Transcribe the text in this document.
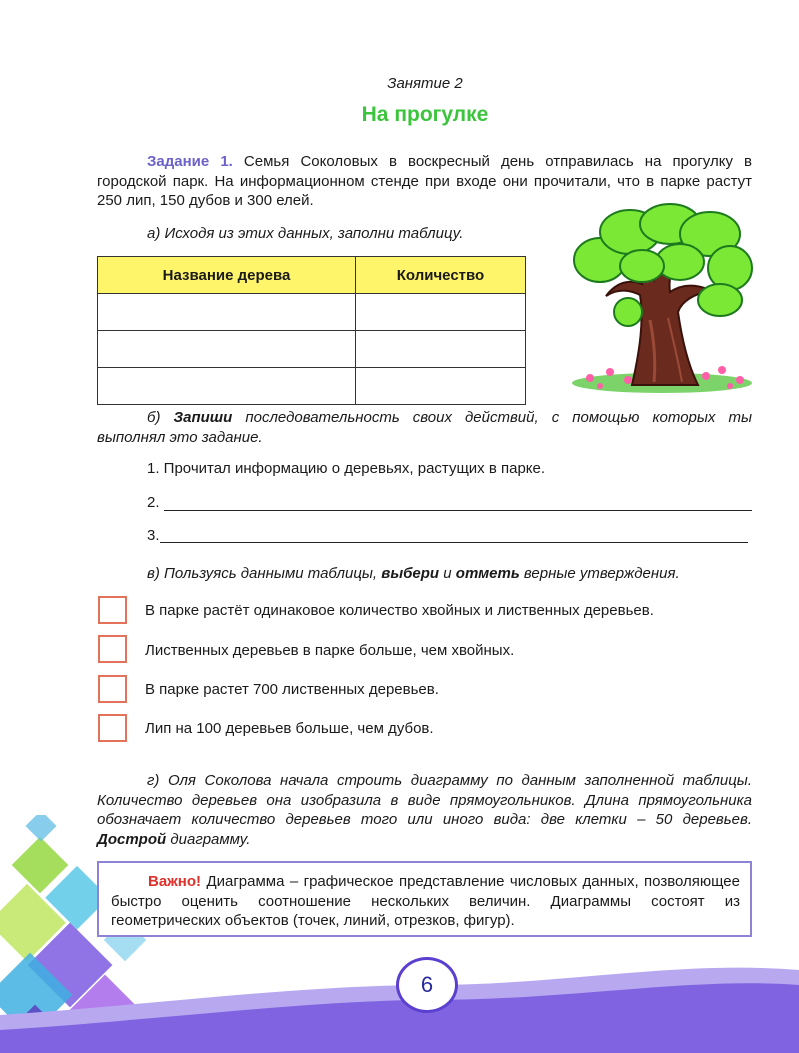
Занятие 2
На прогулке
Задание 1. Семья Соколовых в воскресный день отправилась на прогулку в городской парк. На информационном стенде при входе они прочитали, что в парке растут 250 лип, 150 дубов и 300 елей.
а) Исходя из этих данных, заполни таблицу.
Название дерева	Количество

б) Запиши последовательность своих действий, с помощью которых ты выполнял это задание.
1. Прочитал информацию о деревьях, растущих в парке.
2.
3.
в) Пользуясь данными таблицы, выбери и отметь верные утверждения.
В парке растёт одинаковое количество хвойных и лиственных деревьев.
Лиственных деревьев в парке больше, чем хвойных.
В парке растет 700 лиственных деревьев.
Лип на 100 деревьев больше, чем дубов.
г) Оля Соколова начала строить диаграмму по данным заполненной таблицы. Количество деревьев она изобразила в виде прямоугольников. Длина прямоугольника обозначает количество деревьев того или иного вида: две клетки – 50 деревьев. Дострой диаграмму.
Важно! Диаграмма – графическое представление числовых данных, позволяющее быстро оценить соотношение нескольких величин. Диаграммы состоят из геометрических объектов (точек, линий, отрезков, фигур).
6
